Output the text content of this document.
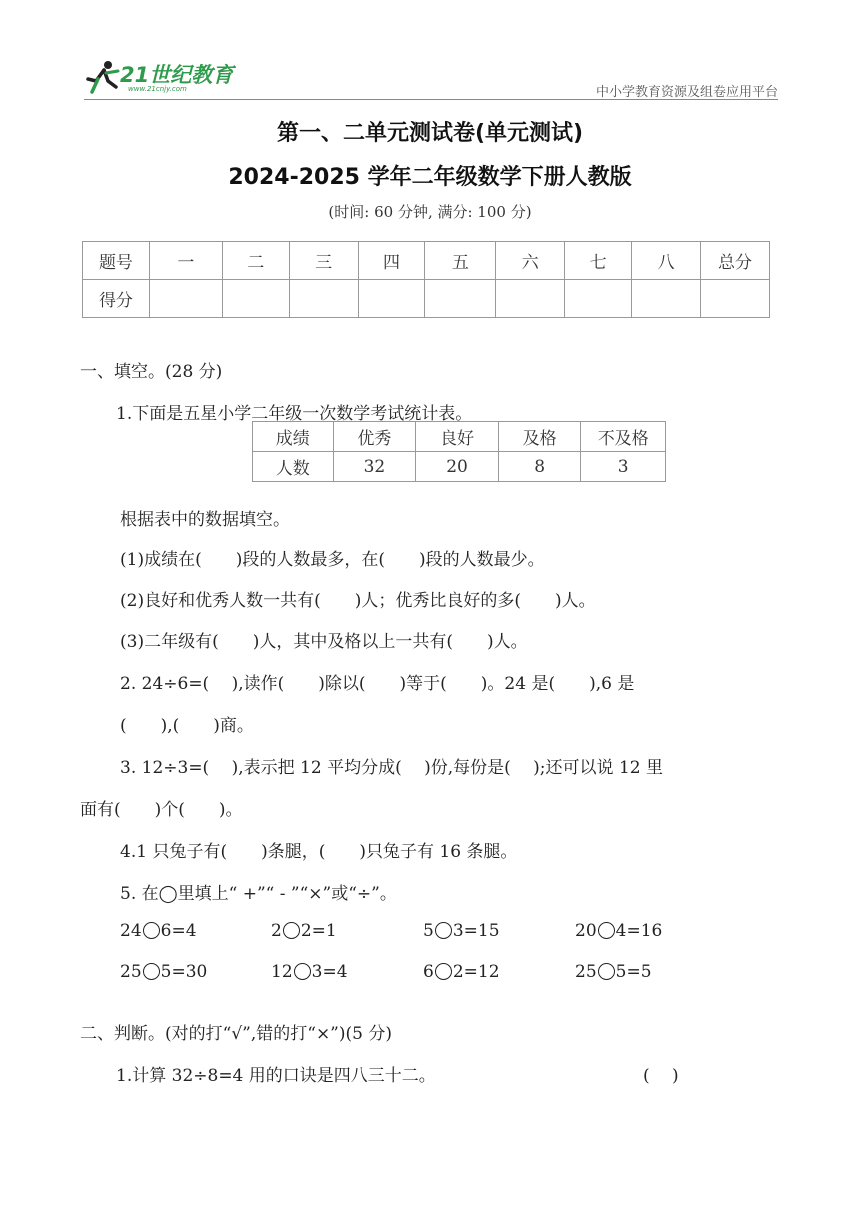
21世纪教育
www.21cnjy.com	中小学教育资源及组卷应用平台
第一、二单元测试卷(单元测试)
2024-2025 学年二年级数学下册人教版
(时间: 60 分钟, 满分: 100 分)
题号	一	二	三	四	五	六	七	八	总分
得分									
一、填空。(28 分)
1.下面是五星小学二年级一次数学考试统计表。
成绩	优秀	良好	及格	不及格
人数	32	20	8	3
根据表中的数据填空。
(1)成绩在(　　)段的人数最多，在(　　)段的人数最少。
(2)良好和优秀人数一共有(　　)人；优秀比良好的多(　　)人。
(3)二年级有(　　)人，其中及格以上一共有(　　)人。
2. 24÷6=(　 ),读作(　　)除以(　　)等于(　　)。24 是(　　),6 是
(　　),(　　)商。
3. 12÷3=(　 ),表示把 12 平均分成(　 )份,每份是(　 );还可以说 12 里
面有(　　)个(　　)。
4.1 只兔子有(　　)条腿，(　　)只兔子有 16 条腿。
5. 在◯里填上“ +”“ - ”“×”或“÷”。
24 6=4	2 2=1	5 3=15	20 4=16
25 5=30	12 3=4	6 2=12	25 5=5
二、判断。(对的打“√”,错的打“×”)(5 分)
1.计算 32÷8=4 用的口诀是四八三十二。	(　 )
